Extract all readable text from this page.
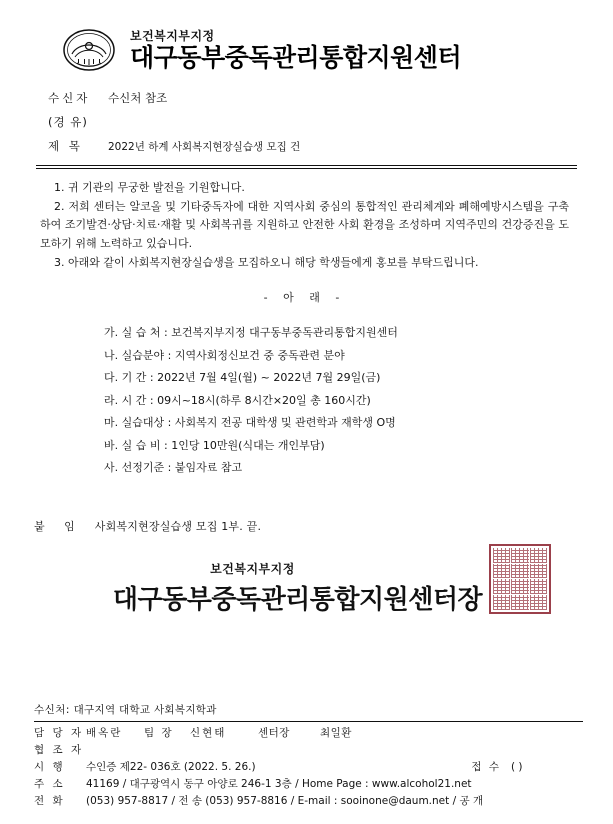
보건복지부지정
대구동부중독관리통합지원센터
수신자	수신처 참조
(경 유)
제 목	2022년 하계 사회복지현장실습생 모집 건
1. 귀 기관의 무궁한 발전을 기원합니다.
2. 저희 센터는 알코올 및 기타중독자에 대한 지역사회 중심의 통합적인 관리체계와 폐해예방시스템을 구축하여 조기발견·상담·치료·재활 및 사회복귀를 지원하고 안전한 사회 환경을 조성하며 지역주민의 건강증진을 도모하기 위해 노력하고 있습니다.
3. 아래와 같이 사회복지현장실습생을 모집하오니 해당 학생들에게 홍보를 부탁드립니다.
- 아 래 -
가. 실 습 처 : 보건복지부지정 대구동부중독관리통합지원센터
나. 실습분야 : 지역사회정신보건 중 중독관련 분야
다. 기 간 : 2022년 7월 4일(월) ~ 2022년 7월 29일(금)
라. 시 간 : 09시~18시(하루 8시간×20일 총 160시간)
마. 실습대상 : 사회복지 전공 대학생 및 관련학과 재학생 O명
바. 실 습 비 : 1인당 10만원(식대는 개인부담)
사. 선정기준 : 붙임자료 참고
붙 임 사회복지현장실습생 모집 1부. 끝.
보건복지부지정
대구동부중독관리통합지원센터장
수신처: 대구지역 대학교 사회복지학과
담 당 자 배옥란	팀 장	신현태	센터장	최일환
협 조 자
시 행	수인증 제22- 036호 (2022. 5. 26.)	접 수 ( )
주 소	41169 / 대구광역시 동구 아양로 246-1 3층 / Home Page : www.alcohol21.net
전 화	(053) 957-8817 / 전 송 (053) 957-8816 / E-mail : sooinone@daum.net / 공 개
